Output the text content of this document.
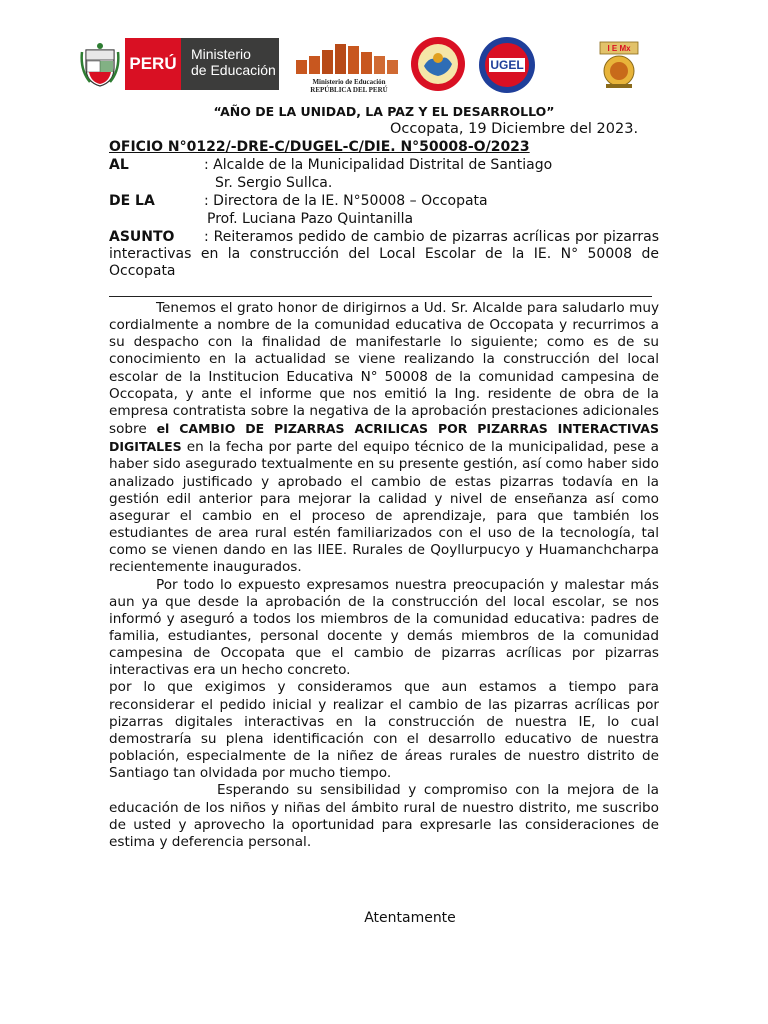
PERÚ	Ministerio
de Educación
Ministerio de Educación
REPÚBLICA DEL PERÚ
UGEL
I E Mx
“AÑO DE LA UNIDAD, LA PAZ Y EL DESARROLLO”
Occopata, 19 Diciembre del 2023.
OFICIO N°0122/-DRE-C/DUGEL-C/DIE. N°50008-O/2023
AL	: Alcalde de la Municipalidad Distrital de Santiago
Sr. Sergio Sullca.
DE LA	: Directora de la IE. N°50008 – Occopata
Prof. Luciana Pazo Quintanilla
ASUNTO : Reiteramos pedido de cambio de pizarras acrílicas por pizarras interactivas en la construcción del Local Escolar de la IE. N° 50008 de Occopata

Tenemos el grato honor de dirigirnos a Ud. Sr. Alcalde para saludarlo muy cordialmente a nombre de la comunidad educativa de Occopata y recurrimos a su despacho con la finalidad de manifestarle lo siguiente; como es de su conocimiento en la actualidad se viene realizando la construcción del local escolar de la Institucion Educativa N° 50008 de la comunidad campesina de Occopata, y ante el informe que nos emitió la Ing. residente de obra de la empresa contratista sobre la negativa de la aprobación prestaciones adicionales sobre el CAMBIO DE PIZARRAS ACRILICAS POR PIZARRAS INTERACTIVAS DIGITALES en la fecha por parte del equipo técnico de la municipalidad, pese a haber sido asegurado textualmente en su presente gestión, así como haber sido analizado justificado y aprobado el cambio de estas pizarras todavía en la gestión edil anterior para mejorar la calidad y nivel de enseñanza así como asegurar el cambio en el proceso de aprendizaje, para que también los estudiantes de area rural estén familiarizados con el uso de la tecnología, tal como se vienen dando en las IIEE. Rurales de Qoyllurpucyo y Huamanchcharpa recientemente inaugurados.

Por todo lo expuesto expresamos nuestra preocupación y malestar más aun ya que desde la aprobación de la construcción del local escolar, se nos informó y aseguró a todos los miembros de la comunidad educativa: padres de familia, estudiantes, personal docente y demás miembros de la comunidad campesina de Occopata que el cambio de pizarras acrílicas por pizarras interactivas era un hecho concreto.

por lo que exigimos y consideramos que aun estamos a tiempo para reconsiderar el pedido inicial y realizar el cambio de las pizarras acrílicas por pizarras digitales interactivas en la construcción de nuestra IE, lo cual demostraría su plena identificación con el desarrollo educativo de nuestra población, especialmente de la niñez de áreas rurales de nuestro distrito de Santiago tan olvidada por mucho tiempo.

Esperando su sensibilidad y compromiso con la mejora de la educación de los niños y niñas del ámbito rural de nuestro distrito, me suscribo de usted y aprovecho la oportunidad para expresarle las consideraciones de estima y deferencia personal.

Atentamente
